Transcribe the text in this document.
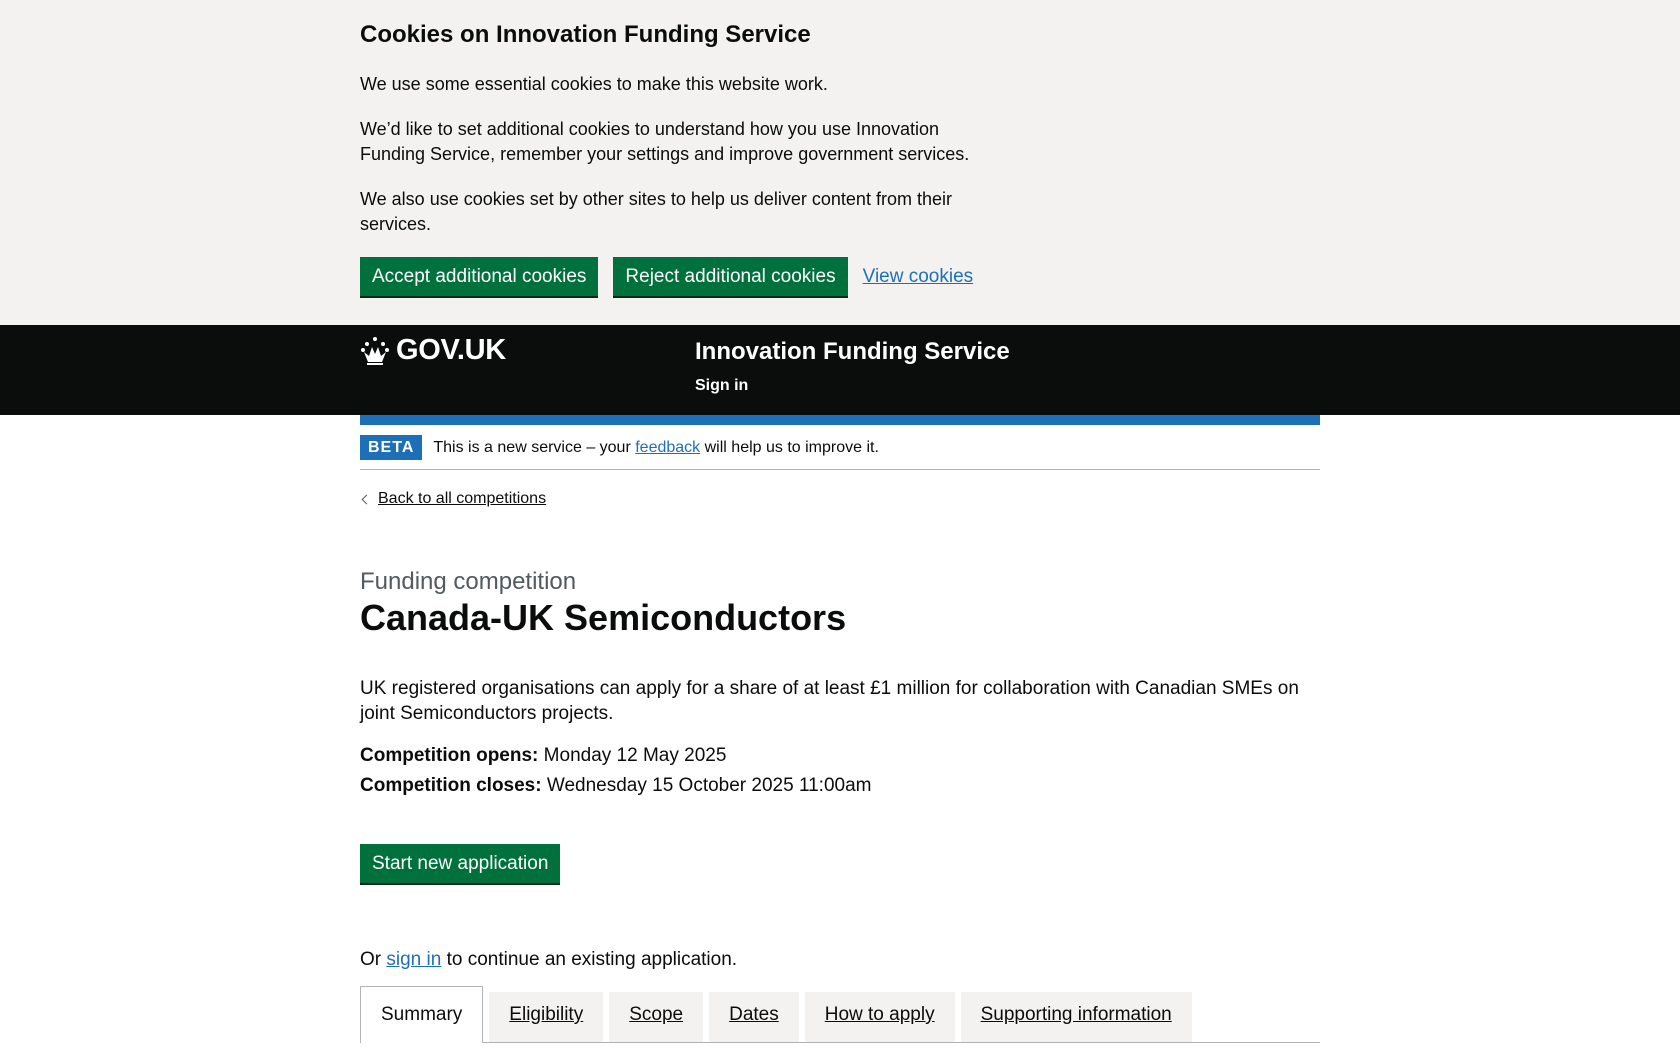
Cookies on Innovation Funding Service

We use some essential cookies to make this website work.

We’d like to set additional cookies to understand how you use Innovation Funding Service, remember your settings and improve government services.

We also use cookies set by other sites to help us deliver content from their services.

Accept additional cookies	Reject additional cookies	View cookies
GOV.UK	Innovation Funding Service
Sign in
BETA	This is a new service – your feedback will help us to improve it.
Back to all competitions
Funding competition
Canada-UK Semiconductors

UK registered organisations can apply for a share of at least £1 million for collaboration with Canadian SMEs on joint Semiconductors projects.

Competition opens: Monday 12 May 2025

Competition closes: Wednesday 15 October 2025 11:00am

Start new application
Or sign in to continue an existing application.
Summary	Eligibility	Scope	Dates	How to apply	Supporting information
